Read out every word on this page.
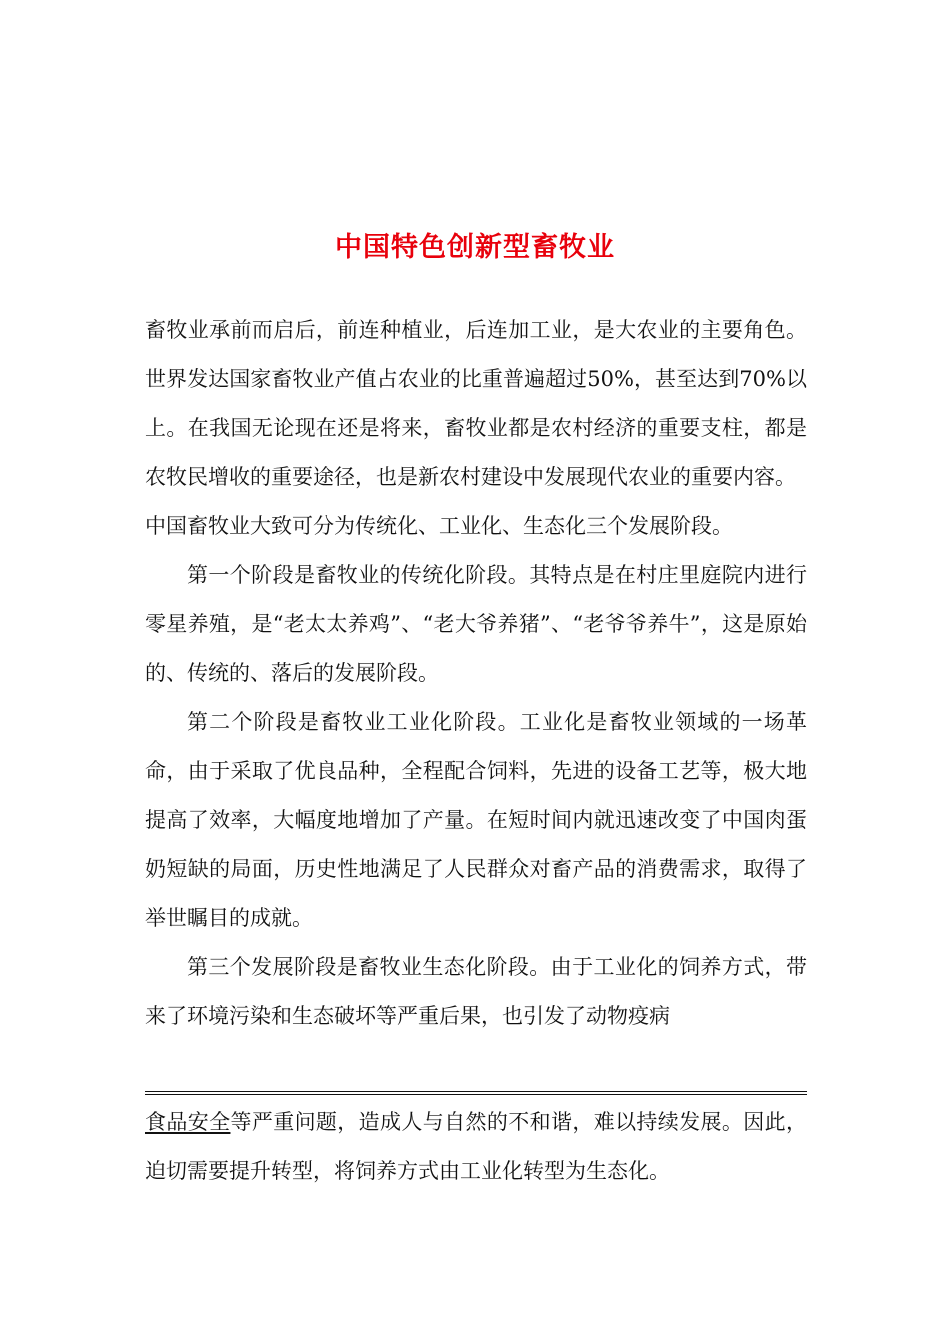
中国特色创新型畜牧业

畜牧业承前而启后，前连种植业，后连加工业，是大农业的主要角色。世界发达国家畜牧业产值占农业的比重普遍超过50%，甚至达到70%以上。在我国无论现在还是将来，畜牧业都是农村经济的重要支柱，都是农牧民增收的重要途径，也是新农村建设中发展现代农业的重要内容。

中国畜牧业大致可分为传统化、工业化、生态化三个发展阶段。

第一个阶段是畜牧业的传统化阶段。其特点是在村庄里庭院内进行零星养殖，是“老太太养鸡”、“老大爷养猪”、“老爷爷养牛”，这是原始的、传统的、落后的发展阶段。

第二个阶段是畜牧业工业化阶段。工业化是畜牧业领域的一场革命，由于采取了优良品种，全程配合饲料，先进的设备工艺等，极大地提高了效率，大幅度地增加了产量。在短时间内就迅速改变了中国肉蛋奶短缺的局面，历史性地满足了人民群众对畜产品的消费需求，取得了举世瞩目的成就。

第三个发展阶段是畜牧业生态化阶段。由于工业化的饲养方式，带来了环境污染和生态破坏等严重后果，也引发了动物疫病

食品安全等严重问题，造成人与自然的不和谐，难以持续发展。因此，迫切需要提升转型，将饲养方式由工业化转型为生态化。
